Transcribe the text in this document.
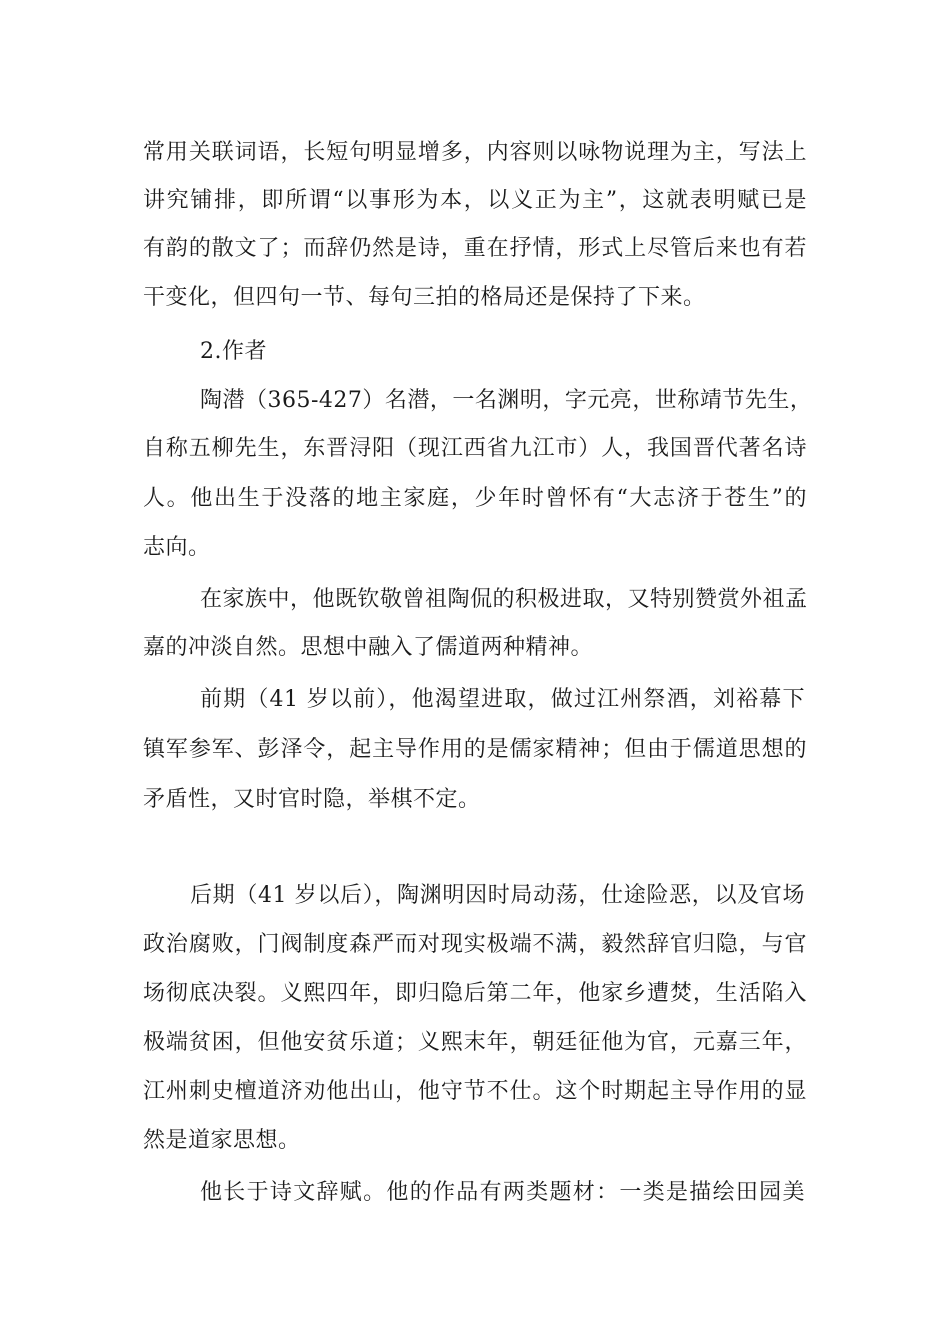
常用关联词语，长短句明显增多，内容则以咏物说理为主，写法上
讲究铺排，即所谓“以事形为本，以义正为主”，这就表明赋已是
有韵的散文了；而辞仍然是诗，重在抒情，形式上尽管后来也有若
干变化，但四句一节、每句三拍的格局还是保持了下来。
2.作者
陶潜（365-427）名潜，一名渊明，字元亮，世称靖节先生，
自称五柳先生，东晋浔阳（现江西省九江市）人，我国晋代著名诗
人。他出生于没落的地主家庭，少年时曾怀有“大志济于苍生”的
志向。
在家族中，他既钦敬曾祖陶侃的积极进取，又特别赞赏外祖孟
嘉的冲淡自然。思想中融入了儒道两种精神。
前期（41 岁以前），他渴望进取，做过江州祭酒，刘裕幕下
镇军参军、彭泽令，起主导作用的是儒家精神；但由于儒道思想的
矛盾性，又时官时隐，举棋不定。
后期（41 岁以后），陶渊明因时局动荡，仕途险恶，以及官场
政治腐败，门阀制度森严而对现实极端不满，毅然辞官归隐，与官
场彻底决裂。义熙四年，即归隐后第二年，他家乡遭焚，生活陷入
极端贫困，但他安贫乐道；义熙末年，朝廷征他为官，元嘉三年，
江州刺史檀道济劝他出山，他守节不仕。这个时期起主导作用的显
然是道家思想。
他长于诗文辞赋。他的作品有两类题材：一类是描绘田园美
